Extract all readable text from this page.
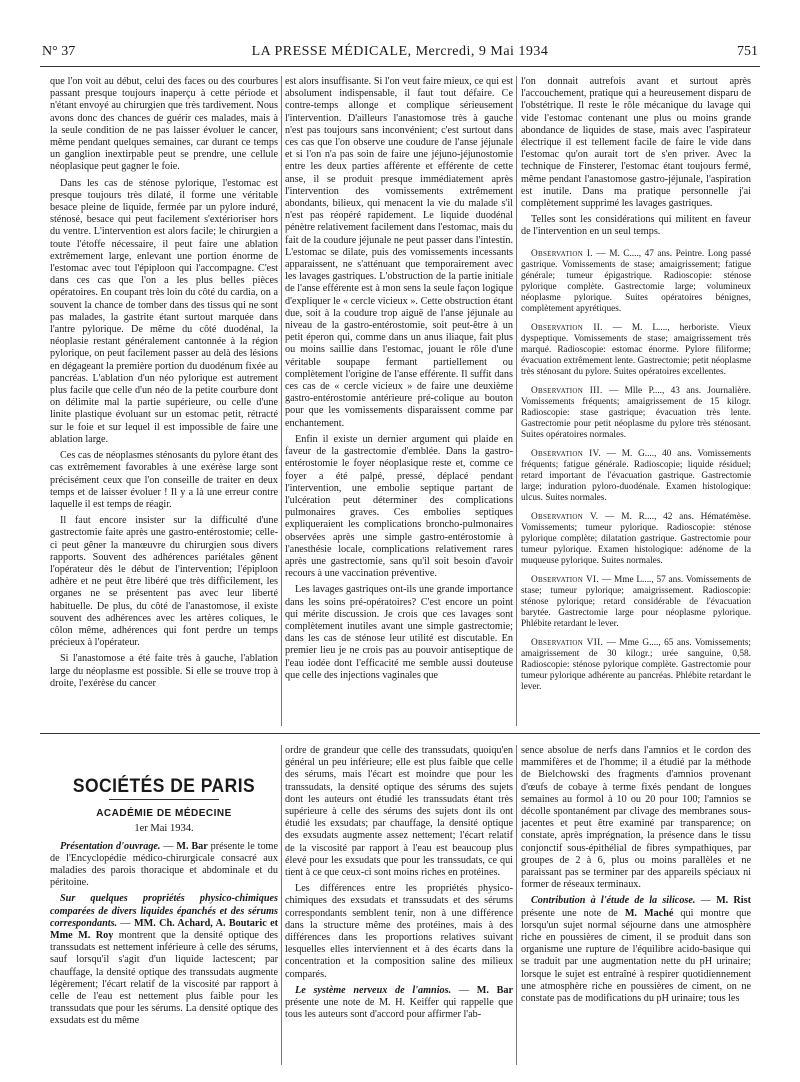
N° 37	LA PRESSE MÉDICALE, Mercredi, 9 Mai 1934	751

que l'on voit au début, celui des faces ou des courbures passant presque toujours inaperçu à cette période et n'étant envoyé au chirurgien que très tardivement. Nous avons donc des chances de guérir ces malades, mais à la seule condition de ne pas laisser évoluer le cancer, même pendant quelques semaines, car durant ce temps un ganglion inextirpable peut se prendre, une cellule néoplasique peut gagner le foie.

Dans les cas de sténose pylorique, l'estomac est presque toujours très dilaté, il forme une véritable besace pleine de liquide, fermée par un pylore induré, sténosé, besace qui peut facilement s'extérioriser hors du ventre. L'intervention est alors facile; le chirurgien a toute l'étoffe nécessaire, il peut faire une ablation extrêmement large, enlevant une portion énorme de l'estomac avec tout l'épiploon qui l'accompagne. C'est dans ces cas que l'on a les plus belles pièces opératoires. En coupant très loin du côté du cardia, on a souvent la chance de tomber dans des tissus qui ne sont pas malades, la gastrite étant surtout marquée dans l'antre pylorique. De même du côté duodénal, la néoplasie restant généralement cantonnée à la région pylorique, on peut facilement passer au delà des lésions en dégageant la première portion du duodénum fixée au pancréas. L'ablation d'un néo pylorique est autrement plus facile que celle d'un néo de la petite courbure dont on délimite mal la partie supérieure, ou celle d'une linite plastique évoluant sur un estomac petit, rétracté sur le foie et sur lequel il est impossible de faire une ablation large.

Ces cas de néoplasmes sténosants du pylore étant des cas extrêmement favorables à une exérèse large sont précisément ceux que l'on conseille de traiter en deux temps et de laisser évoluer ! Il y a là une erreur contre laquelle il est temps de réagir.

Il faut encore insister sur la difficulté d'une gastrectomie faite après une gastro-entérostomie; celle-ci peut gêner la manœuvre du chirurgien sous divers rapports. Souvent des adhérences pariétales gênent l'opérateur dès le début de l'intervention; l'épiploon adhère et ne peut être libéré que très difficilement, les organes ne se présentent pas avec leur liberté habituelle. De plus, du côté de l'anastomose, il existe souvent des adhérences avec les artères coliques, le côlon même, adhérences qui font perdre un temps précieux à l'opérateur.

Si l'anastomose a été faite très à gauche, l'ablation large du néoplasme est possible. Si elle se trouve trop à droite, l'exérèse du cancer

est alors insuffisante. Si l'on veut faire mieux, ce qui est absolument indispensable, il faut tout défaire. Ce contre-temps allonge et complique sérieusement l'intervention. D'ailleurs l'anastomose très à gauche n'est pas toujours sans inconvénient; c'est surtout dans ces cas que l'on observe une coudure de l'anse jéjunale et si l'on n'a pas soin de faire une jéjuno-jéjunostomie entre les deux parties afférente et efférente de cette anse, il se produit presque immédiatement après l'intervention des vomissements extrêmement abondants, bilieux, qui menacent la vie du malade s'il n'est pas réopéré rapidement. Le liquide duodénal pénètre relativement facilement dans l'estomac, mais du fait de la coudure jéjunale ne peut passer dans l'intestin. L'estomac se dilate, puis des vomissements incessants apparaissent, ne s'atténuant que temporairement avec les lavages gastriques. L'obstruction de la partie initiale de l'anse efférente est à mon sens la seule façon logique d'expliquer le « cercle vicieux ». Cette obstruction étant due, soit à la coudure trop aiguë de l'anse jéjunale au niveau de la gastro-entérostomie, soit peut-être à un petit éperon qui, comme dans un anus iliaque, fait plus ou moins saillie dans l'estomac, jouant le rôle d'une véritable soupape fermant partiellement ou complètement l'origine de l'anse efférente. Il suffit dans ces cas de « cercle vicieux » de faire une deuxième gastro-entérostomie antérieure pré-colique au bouton pour que les vomissements disparaissent comme par enchantement.

Enfin il existe un dernier argument qui plaide en faveur de la gastrectomie d'emblée. Dans la gastro-entérostomie le foyer néoplasique reste et, comme ce foyer a été palpé, pressé, déplacé pendant l'intervention, une embolie septique partant de l'ulcération peut déterminer des complications pulmonaires graves. Ces embolies septiques expliqueraient les complications broncho-pulmonaires observées après une simple gastro-entérostomie à l'anesthésie locale, complications relativement rares après une gastrectomie, sans qu'il soit besoin d'avoir recours à une vaccination préventive.

Les lavages gastriques ont-ils une grande importance dans les soins pré-opératoires? C'est encore un point qui mérite discussion. Je crois que ces lavages sont complètement inutiles avant une simple gastrectomie; dans les cas de sténose leur utilité est discutable. En premier lieu je ne crois pas au pouvoir antiseptique de l'eau iodée dont l'efficacité me semble aussi douteuse que celle des injections vaginales que

l'on donnait autrefois avant et surtout après l'accouchement, pratique qui a heureusement disparu de l'obstétrique. Il reste le rôle mécanique du lavage qui vide l'estomac contenant une plus ou moins grande abondance de liquides de stase, mais avec l'aspirateur électrique il est tellement facile de faire le vide dans l'estomac qu'on aurait tort de s'en priver. Avec la technique de Finsterer, l'estomac étant toujours fermé, même pendant l'anastomose gastro-jéjunale, l'aspiration est inutile. Dans ma pratique personnelle j'ai complètement supprimé les lavages gastriques.

Telles sont les considérations qui militent en faveur de l'intervention en un seul temps.

Observation I. — M. C...., 47 ans. Peintre. Long passé gastrique. Vomissements de stase; amaigrissement; fatigue générale; tumeur épigastrique. Radioscopie: sténose pylorique complète. Gastrectomie large; volumineux néoplasme pylorique. Suites opératoires bénignes, complètement apyrétiques.

Observation II. — M. L...., herboriste. Vieux dyspeptique. Vomissements de stase; amaigrissement très marqué. Radioscopie: estomac énorme. Pylore filiforme; évacuation extrêmement lente. Gastrectomie; petit néoplasme très sténosant du pylore. Suites opératoires excellentes.

Observation III. — Mlle P...., 43 ans. Journalière. Vomissements fréquents; amaigrissement de 15 kilogr. Radioscopie: stase gastrique; évacuation très lente. Gastrectomie pour petit néoplasme du pylore très sténosant. Suites opératoires normales.

Observation IV. — M. G...., 40 ans. Vomissements fréquents; fatigue générale. Radioscopie; liquide résiduel; retard important de l'évacuation gastrique. Gastrectomie large; induration pyloro-duodénale. Examen histologique: ulcus. Suites normales.

Observation V. — M. R...., 42 ans. Hématémèse. Vomissements; tumeur pylorique. Radioscopie: sténose pylorique complète; dilatation gastrique. Gastrectomie pour tumeur pylorique. Examen histologique: adénome de la muqueuse pylorique. Suites normales.

Observation VI. — Mme L...., 57 ans. Vomissements de stase; tumeur pylorique; amaigrissement. Radioscopie: sténose pylorique; retard considérable de l'évacuation barytée. Gastrectomie large pour néoplasme pylorique. Phlébite retardant le lever.

Observation VII. — Mme G...., 65 ans. Vomissements; amaigrissement de 30 kilogr.; urée sanguine, 0,58. Radioscopie: sténose pylorique complète. Gastrectomie pour tumeur pylorique adhérente au pancréas. Phlébite retardant le lever.

SOCIÉTÉS DE PARIS
ACADÉMIE DE MÉDECINE
1er Mai 1934.

Présentation d'ouvrage. — M. Bar présente le tome de l'Encyclopédie médico-chirurgicale consacré aux maladies des parois thoracique et abdominale et du péritoine.

Sur quelques propriétés physico-chimiques comparées de divers liquides épanchés et des sérums correspondants. — MM. Ch. Achard, A. Boutaric et Mme M. Roy montrent que la densité optique des transsudats est nettement inférieure à celle des sérums, sauf lorsqu'il s'agit d'un liquide lactescent; par chauffage, la densité optique des transsudats augmente légèrement; l'écart relatif de la viscosité par rapport à celle de l'eau est nettement plus faible pour les transsudats que pour les sérums. La densité optique des exsudats est du même

ordre de grandeur que celle des transsudats, quoiqu'en général un peu inférieure; elle est plus faible que celle des sérums, mais l'écart est moindre que pour les transsudats, la densité optique des sérums des sujets dont les auteurs ont étudié les transsudats étant très supérieure à celle des sérums des sujets dont ils ont étudié les exsudats; par chauffage, la densité optique des exsudats augmente assez nettement; l'écart relatif de la viscosité par rapport à l'eau est beaucoup plus élevé pour les exsudats que pour les transsudats, ce qui tient à ce que ceux-ci sont moins riches en protéines.

Les différences entre les propriétés physico-chimiques des exsudats et transsudats et des sérums correspondants semblent tenir, non à une différence dans la structure même des protéines, mais à des différences dans les proportions relatives suivant lesquelles elles interviennent et à des écarts dans la concentration et la composition saline des milieux comparés.

Le système nerveux de l'amnios. — M. Bar présente une note de M. H. Keiffer qui rappelle que tous les auteurs sont d'accord pour affirmer l'ab-

sence absolue de nerfs dans l'amnios et le cordon des mammifères et de l'homme; il a étudié par la méthode de Bielchowski des fragments d'amnios provenant d'œufs de cobaye à terme fixés pendant de longues semaines au formol à 10 ou 20 pour 100; l'amnios se décolle spontanément par clivage des membranes sous-jacentes et peut être examiné par transparence; on constate, après imprégnation, la présence dans le tissu conjonctif sous-épithélial de fibres sympathiques, par groupes de 2 à 6, plus ou moins parallèles et ne paraissant pas se terminer par des appareils spéciaux ni former de réseaux terminaux.

Contribution à l'étude de la silicose. — M. Rist présente une note de M. Maché qui montre que lorsqu'un sujet normal séjourne dans une atmosphère riche en poussières de ciment, il se produit dans son organisme une rupture de l'équilibre acido-basique qui se traduit par une augmentation nette du pH urinaire; lorsque le sujet est entraîné à respirer quotidiennement une atmosphère riche en poussières de ciment, on ne constate pas de modifications du pH urinaire; tous les
